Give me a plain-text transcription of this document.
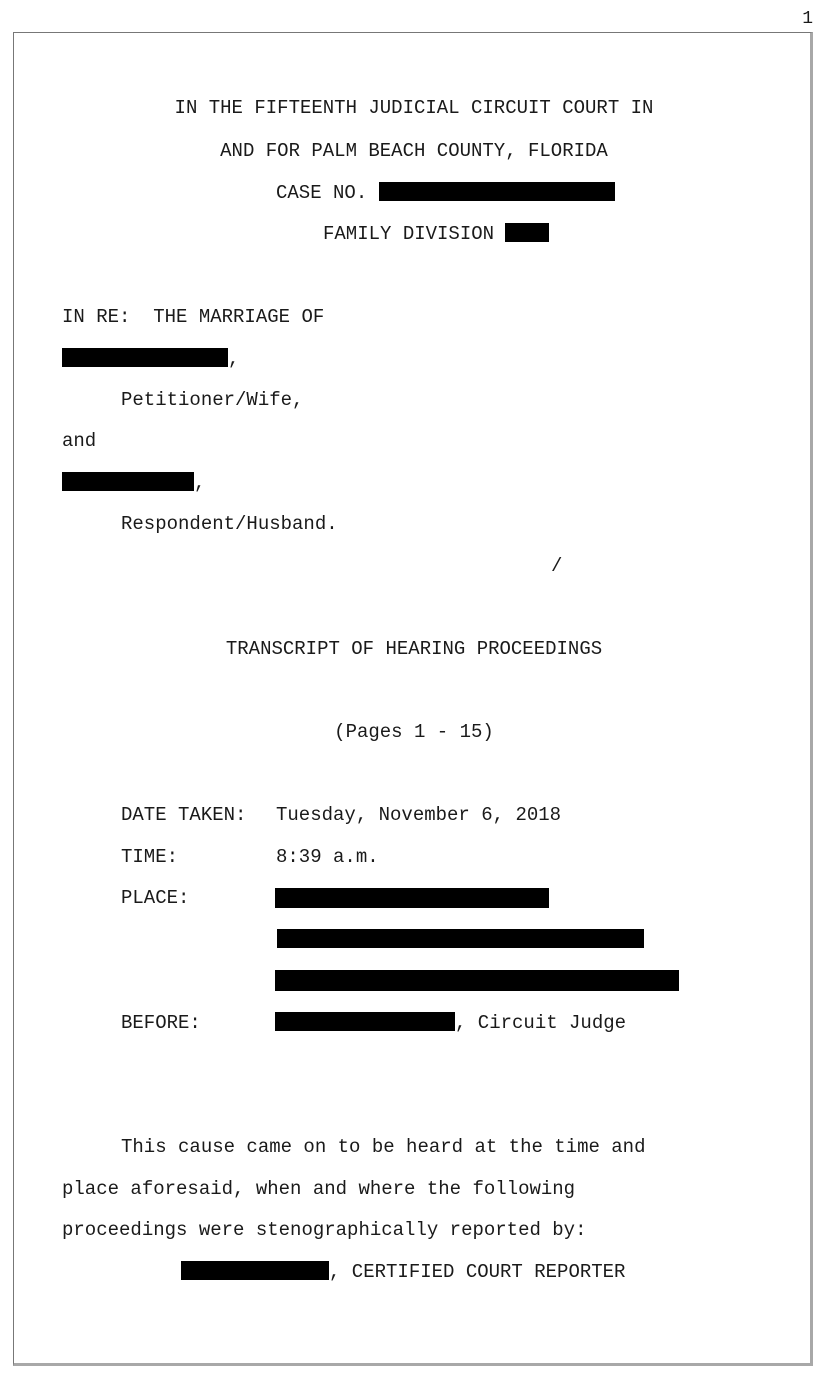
1
IN THE FIFTEENTH JUDICIAL CIRCUIT COURT IN
AND FOR PALM BEACH COUNTY, FLORIDA
CASE NO.
FAMILY DIVISION
IN RE:  THE MARRIAGE OF
,
Petitioner/Wife,
and
,
Respondent/Husband.
/
TRANSCRIPT OF HEARING PROCEEDINGS
(Pages 1 - 15)
DATE TAKEN: Tuesday, November 6, 2018
TIME:	8:39 a.m.
PLACE:
BEFORE:	, Circuit Judge
This cause came on to be heard at the time and
place aforesaid, when and where the following
proceedings were stenographically reported by:
, CERTIFIED COURT REPORTER
